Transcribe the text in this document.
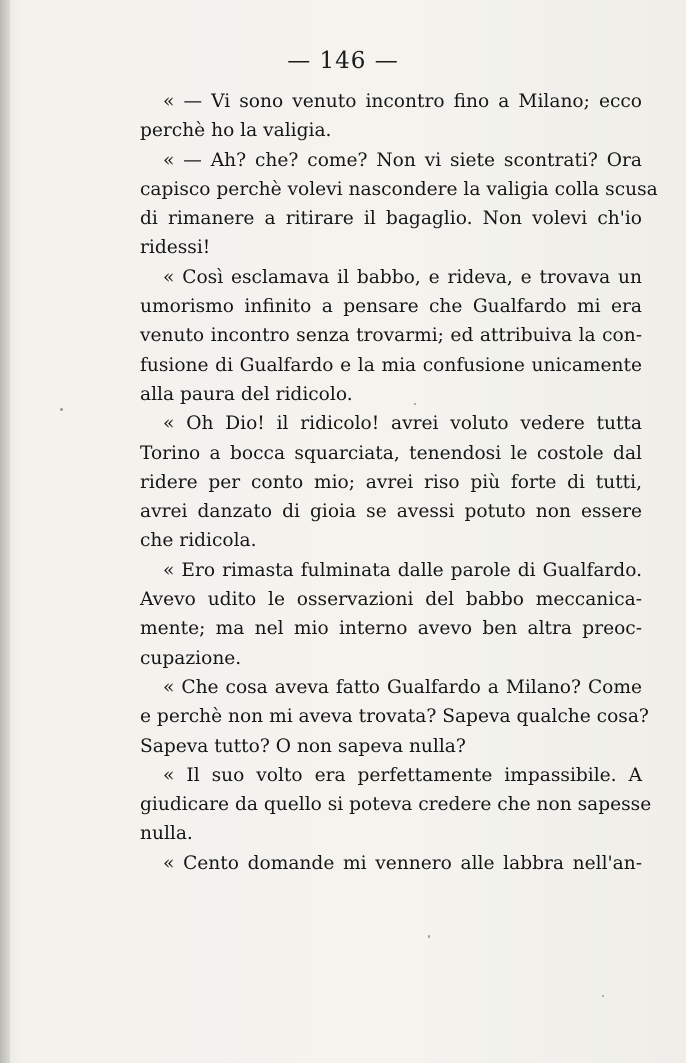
— 146 —
« — Vi sono venuto incontro fino a Milano; ecco
perchè ho la valigia.
« — Ah? che? come? Non vi siete scontrati? Ora
capisco perchè volevi nascondere la valigia colla scusa
di rimanere a ritirare il bagaglio. Non volevi ch'io
ridessi!
« Così esclamava il babbo, e rideva, e trovava un
umorismo infinito a pensare che Gualfardo mi era
venuto incontro senza trovarmi; ed attribuiva la con-
fusione di Gualfardo e la mia confusione unicamente
alla paura del ridicolo.
« Oh Dio! il ridicolo! avrei voluto vedere tutta
Torino a bocca squarciata, tenendosi le costole dal
ridere per conto mio; avrei riso più forte di tutti,
avrei danzato di gioia se avessi potuto non essere
che ridicola.
« Ero rimasta fulminata dalle parole di Gualfardo.
Avevo udito le osservazioni del babbo meccanica-
mente; ma nel mio interno avevo ben altra preoc-
cupazione.
« Che cosa aveva fatto Gualfardo a Milano? Come
e perchè non mi aveva trovata? Sapeva qualche cosa?
Sapeva tutto? O non sapeva nulla?
« Il suo volto era perfettamente impassibile. A
giudicare da quello si poteva credere che non sapesse
nulla.
« Cento domande mi vennero alle labbra nell'an-
